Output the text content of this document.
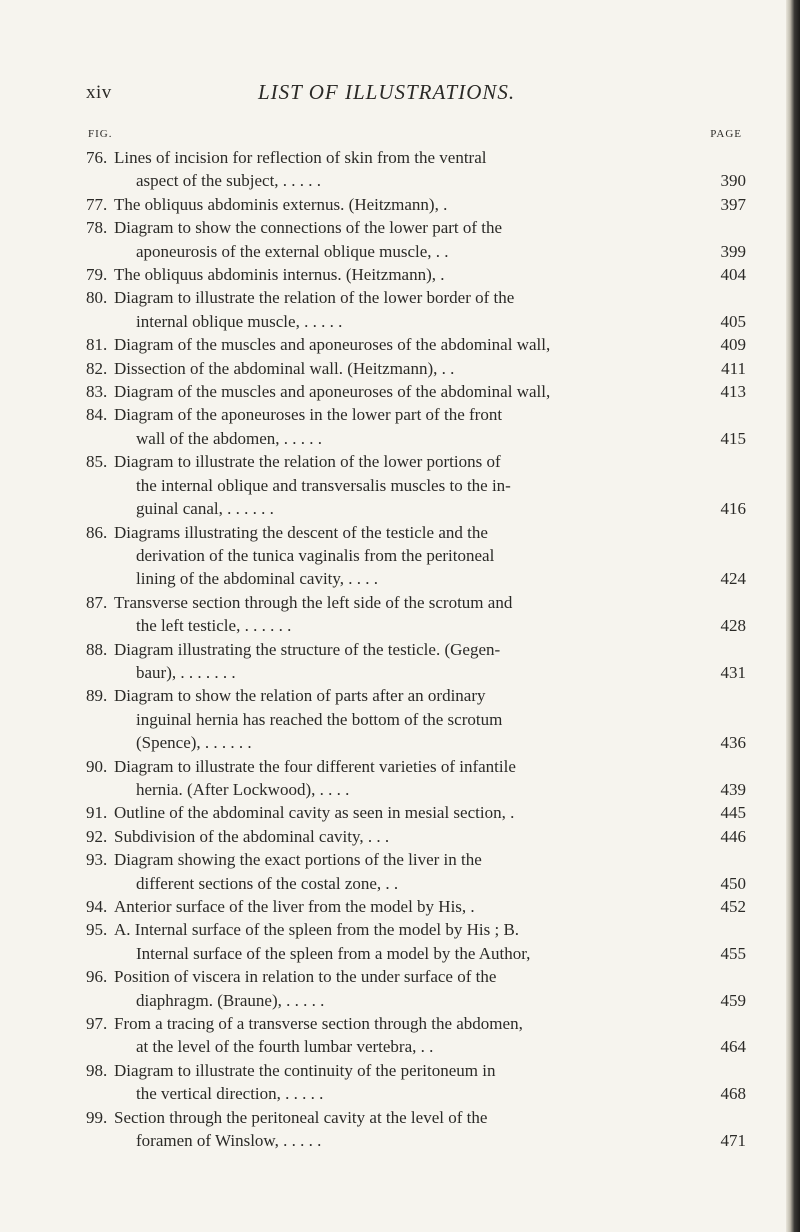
xiv	LIST OF ILLUSTRATIONS.
FIG.	PAGE
76. Lines of incision for reflection of skin from the ventral
aspect of the subject, . . . . .	390
77. The obliquus abdominis externus. (Heitzmann), .	397
78. Diagram to show the connections of the lower part of the
aponeurosis of the external oblique muscle, . .	399
79. The obliquus abdominis internus. (Heitzmann), .	404
80. Diagram to illustrate the relation of the lower border of the
internal oblique muscle, . . . . .	405
81. Diagram of the muscles and aponeuroses of the abdominal wall,	409
82. Dissection of the abdominal wall. (Heitzmann), . .	411
83. Diagram of the muscles and aponeuroses of the abdominal wall,	413
84. Diagram of the aponeuroses in the lower part of the front
wall of the abdomen, . . . . .	415
85. Diagram to illustrate the relation of the lower portions of
the internal oblique and transversalis muscles to the in-
guinal canal, . . . . . .	416
86. Diagrams illustrating the descent of the testicle and the
derivation of the tunica vaginalis from the peritoneal
lining of the abdominal cavity, . . . .	424
87. Transverse section through the left side of the scrotum and
the left testicle, . . . . . .	428
88. Diagram illustrating the structure of the testicle. (Gegen-
baur), . . . . . . .	431
89. Diagram to show the relation of parts after an ordinary
inguinal hernia has reached the bottom of the scrotum
(Spence), . . . . . .	436
90. Diagram to illustrate the four different varieties of infantile
hernia. (After Lockwood), . . . .	439
91. Outline of the abdominal cavity as seen in mesial section, .	445
92. Subdivision of the abdominal cavity, . . .	446
93. Diagram showing the exact portions of the liver in the
different sections of the costal zone, . .	450
94. Anterior surface of the liver from the model by His, .	452
95. A. Internal surface of the spleen from the model by His ; B.
Internal surface of the spleen from a model by the Author,	455
96. Position of viscera in relation to the under surface of the
diaphragm. (Braune), . . . . .	459
97. From a tracing of a transverse section through the abdomen,
at the level of the fourth lumbar vertebra, . .	464
98. Diagram to illustrate the continuity of the peritoneum in
the vertical direction, . . . . .	468
99. Section through the peritoneal cavity at the level of the
foramen of Winslow, . . . . .	471
